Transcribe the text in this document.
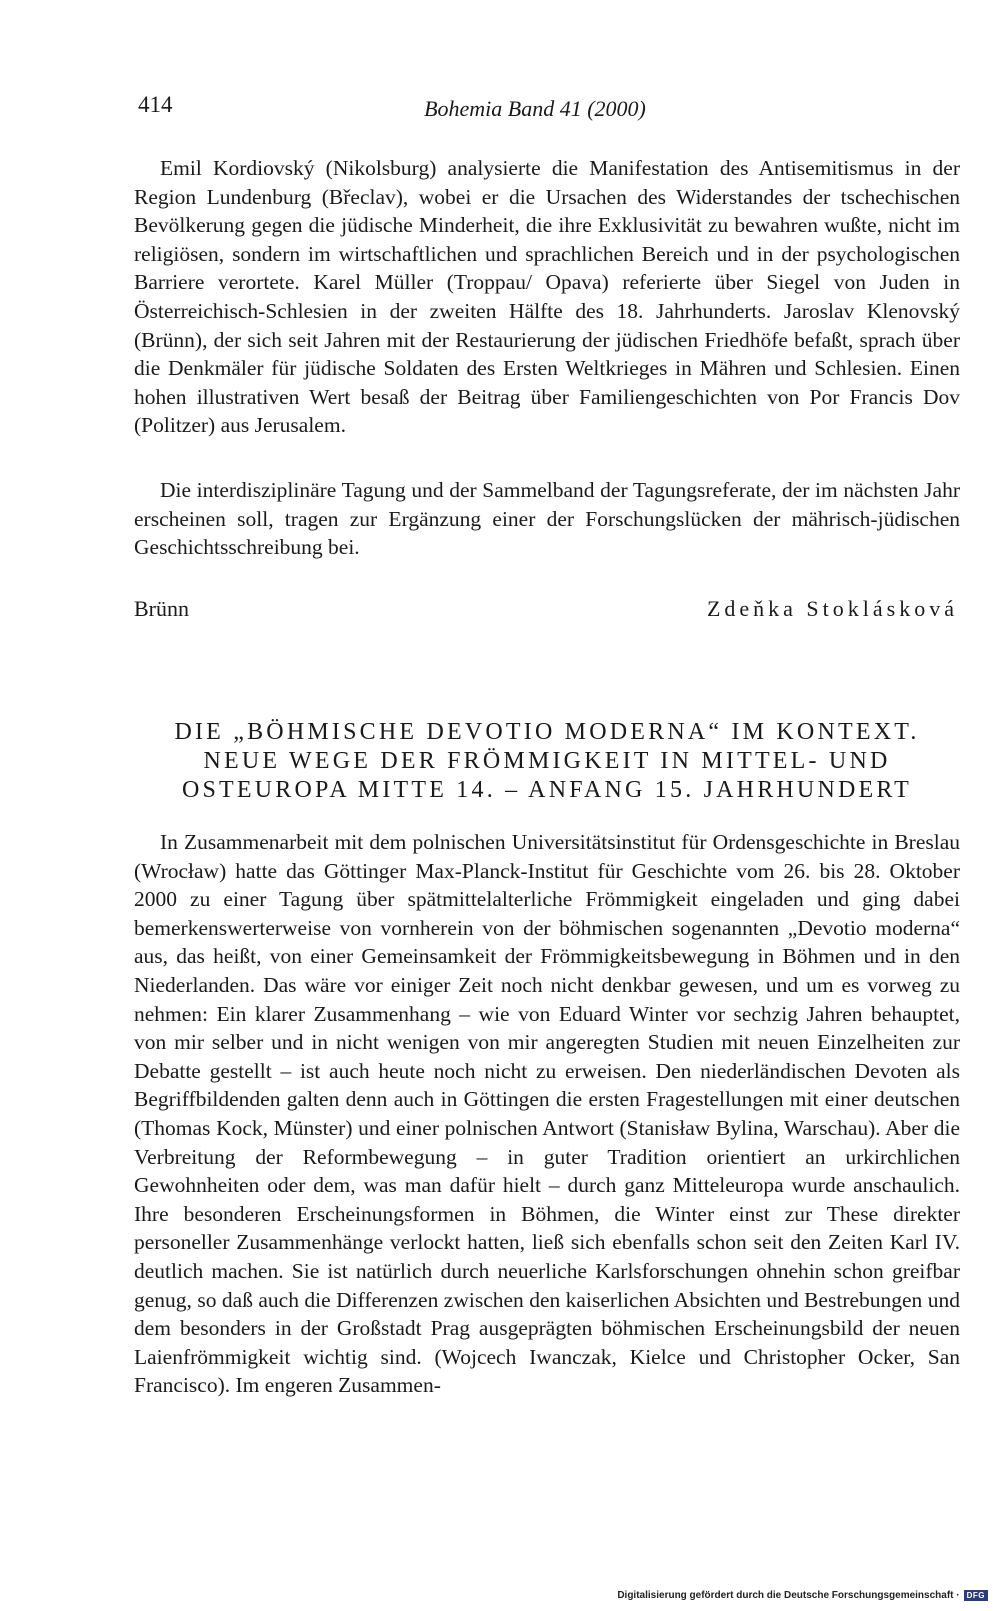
414	Bohemia Band 41 (2000)

Emil Kordiovský (Nikolsburg) analysierte die Manifestation des Antisemitismus in der Region Lundenburg (Břeclav), wobei er die Ursachen des Widerstandes der tschechischen Bevölkerung gegen die jüdische Minderheit, die ihre Exklusivität zu bewahren wußte, nicht im religiösen, sondern im wirtschaftlichen und sprachlichen Bereich und in der psychologischen Barriere verortete. Karel Müller (Troppau/ Opava) referierte über Siegel von Juden in Österreichisch-Schlesien in der zweiten Hälfte des 18. Jahrhunderts. Jaroslav Klenovský (Brünn), der sich seit Jahren mit der Restaurierung der jüdischen Friedhöfe befaßt, sprach über die Denkmäler für jüdische Soldaten des Ersten Weltkrieges in Mähren und Schlesien. Einen hohen illustrativen Wert besaß der Beitrag über Familiengeschichten von Por Francis Dov (Politzer) aus Jerusalem.

Die interdisziplinäre Tagung und der Sammelband der Tagungsreferate, der im nächsten Jahr erscheinen soll, tragen zur Ergänzung einer der Forschungslücken der mährisch-jüdischen Geschichtsschreibung bei.

Brünn	Zdeňka Stoklásková
DIE „BÖHMISCHE DEVOTIO MODERNA“ IM KONTEXT.
NEUE WEGE DER FRÖMMIGKEIT IN MITTEL- UND
OSTEUROPA MITTE 14. – ANFANG 15. JAHRHUNDERT

In Zusammenarbeit mit dem polnischen Universitätsinstitut für Ordensgeschichte in Breslau (Wrocław) hatte das Göttinger Max-Planck-Institut für Geschichte vom 26. bis 28. Oktober 2000 zu einer Tagung über spätmittelalterliche Frömmigkeit eingeladen und ging dabei bemerkenswerterweise von vornherein von der böhmischen sogenannten „Devotio moderna“ aus, das heißt, von einer Gemeinsamkeit der Frömmigkeitsbewegung in Böhmen und in den Niederlanden. Das wäre vor einiger Zeit noch nicht denkbar gewesen, und um es vorweg zu nehmen: Ein klarer Zusammenhang – wie von Eduard Winter vor sechzig Jahren behauptet, von mir selber und in nicht wenigen von mir angeregten Studien mit neuen Einzelheiten zur Debatte gestellt – ist auch heute noch nicht zu erweisen. Den niederländischen Devoten als Begriffbildenden galten denn auch in Göttingen die ersten Fragestellungen mit einer deutschen (Thomas Kock, Münster) und einer polnischen Antwort (Stanisław Bylina, Warschau). Aber die Verbreitung der Reformbewegung – in guter Tradition orientiert an urkirchlichen Gewohnheiten oder dem, was man dafür hielt – durch ganz Mitteleuropa wurde anschaulich. Ihre besonderen Erscheinungsformen in Böhmen, die Winter einst zur These direkter personeller Zusammenhänge verlockt hatten, ließ sich ebenfalls schon seit den Zeiten Karl IV. deutlich machen. Sie ist natürlich durch neuerliche Karlsforschungen ohnehin schon greifbar genug, so daß auch die Differenzen zwischen den kaiserlichen Absichten und Bestrebungen und dem besonders in der Großstadt Prag ausgeprägten böhmischen Erscheinungsbild der neuen Laienfrömmigkeit wichtig sind. (Wojcech Iwanczak, Kielce und Christopher Ocker, San Francisco). Im engeren Zusammen-

Digitalisierung gefördert durch die Deutsche Forschungsgemeinschaft · DFG
